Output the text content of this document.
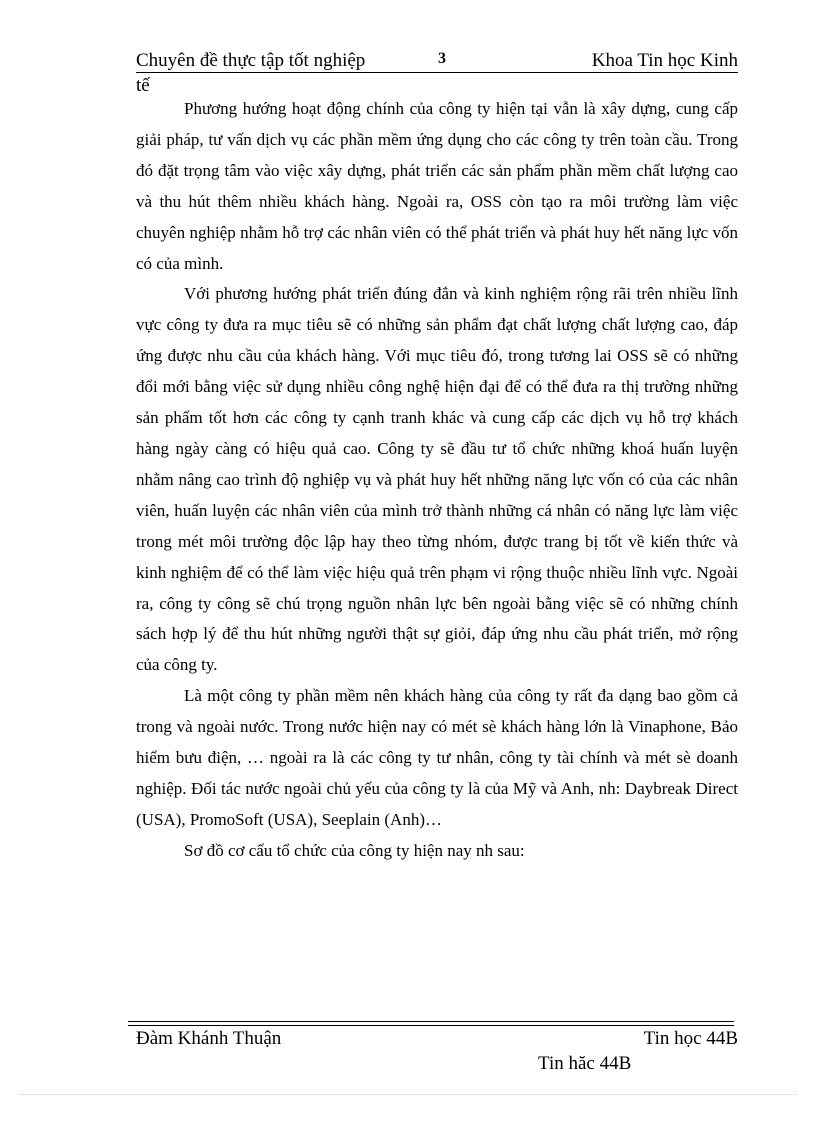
Chuyên đề thực tập tốt nghiệp	3	Khoa Tin học Kinh
tế

Phương hướng hoạt động chính của công ty hiện tại vẫn là xây dựng, cung cấp giải pháp, tư vấn dịch vụ các phần mềm ứng dụng cho các công ty trên toàn cầu. Trong đó đặt trọng tâm vào việc xây dựng, phát triển các sản phẩm phần mềm chất lượng cao và thu hút thêm nhiều khách hàng. Ngoài ra, OSS còn tạo ra môi trường làm việc chuyên nghiệp nhằm hỗ trợ các nhân viên có thể phát triển và phát huy hết năng lực vốn có của mình.

Với phương hướng phát triển đúng đắn và kinh nghiệm rộng rãi trên nhiều lĩnh vực công ty đưa ra mục tiêu sẽ có những sản phẩm đạt chất lượng chất lượng cao, đáp ứng được nhu cầu của khách hàng. Với mục tiêu đó, trong tương lai OSS sẽ có những đổi mới bằng việc sử dụng nhiều công nghệ hiện đại để có thể đưa ra thị trường những sản phẩm tốt hơn các công ty cạnh tranh khác và cung cấp các dịch vụ hỗ trợ khách hàng ngày càng có hiệu quả cao. Công ty sẽ đầu tư tổ chức những khoá huấn luyện nhằm nâng cao trình độ nghiệp vụ và phát huy hết những năng lực vốn có của các nhân viên, huấn luyện các nhân viên của mình trở thành những cá nhân có năng lực làm việc trong mét môi trường độc lập hay theo từng nhóm, được trang bị tốt về kiến thức và kinh nghiệm để có thể làm việc hiệu quả trên phạm vi rộng thuộc nhiều lĩnh vực. Ngoài ra, công ty công sẽ chú trọng nguồn nhân lực bên ngoài bằng việc sẽ có những chính sách hợp lý để thu hút những người thật sự giỏi, đáp ứng nhu cầu phát triển, mở rộng của công ty.

Là một công ty phần mềm nên khách hàng của công ty rất đa dạng bao gồm cả trong và ngoài nước. Trong nước hiện nay có mét sè khách hàng lớn là Vinaphone, Bảo hiểm bưu điện, … ngoài ra là các công ty tư nhân, công ty tài chính và mét sè doanh nghiệp. Đối tác nước ngoài chủ yếu của công ty là của Mỹ và Anh, nh: Daybreak Direct (USA), PromoSoft (USA), Seeplain (Anh)…

Sơ đồ cơ cấu tổ chức của công ty hiện nay nh sau:

Đàm Khánh Thuận	Tin học 44B
Tin hăc 44B
